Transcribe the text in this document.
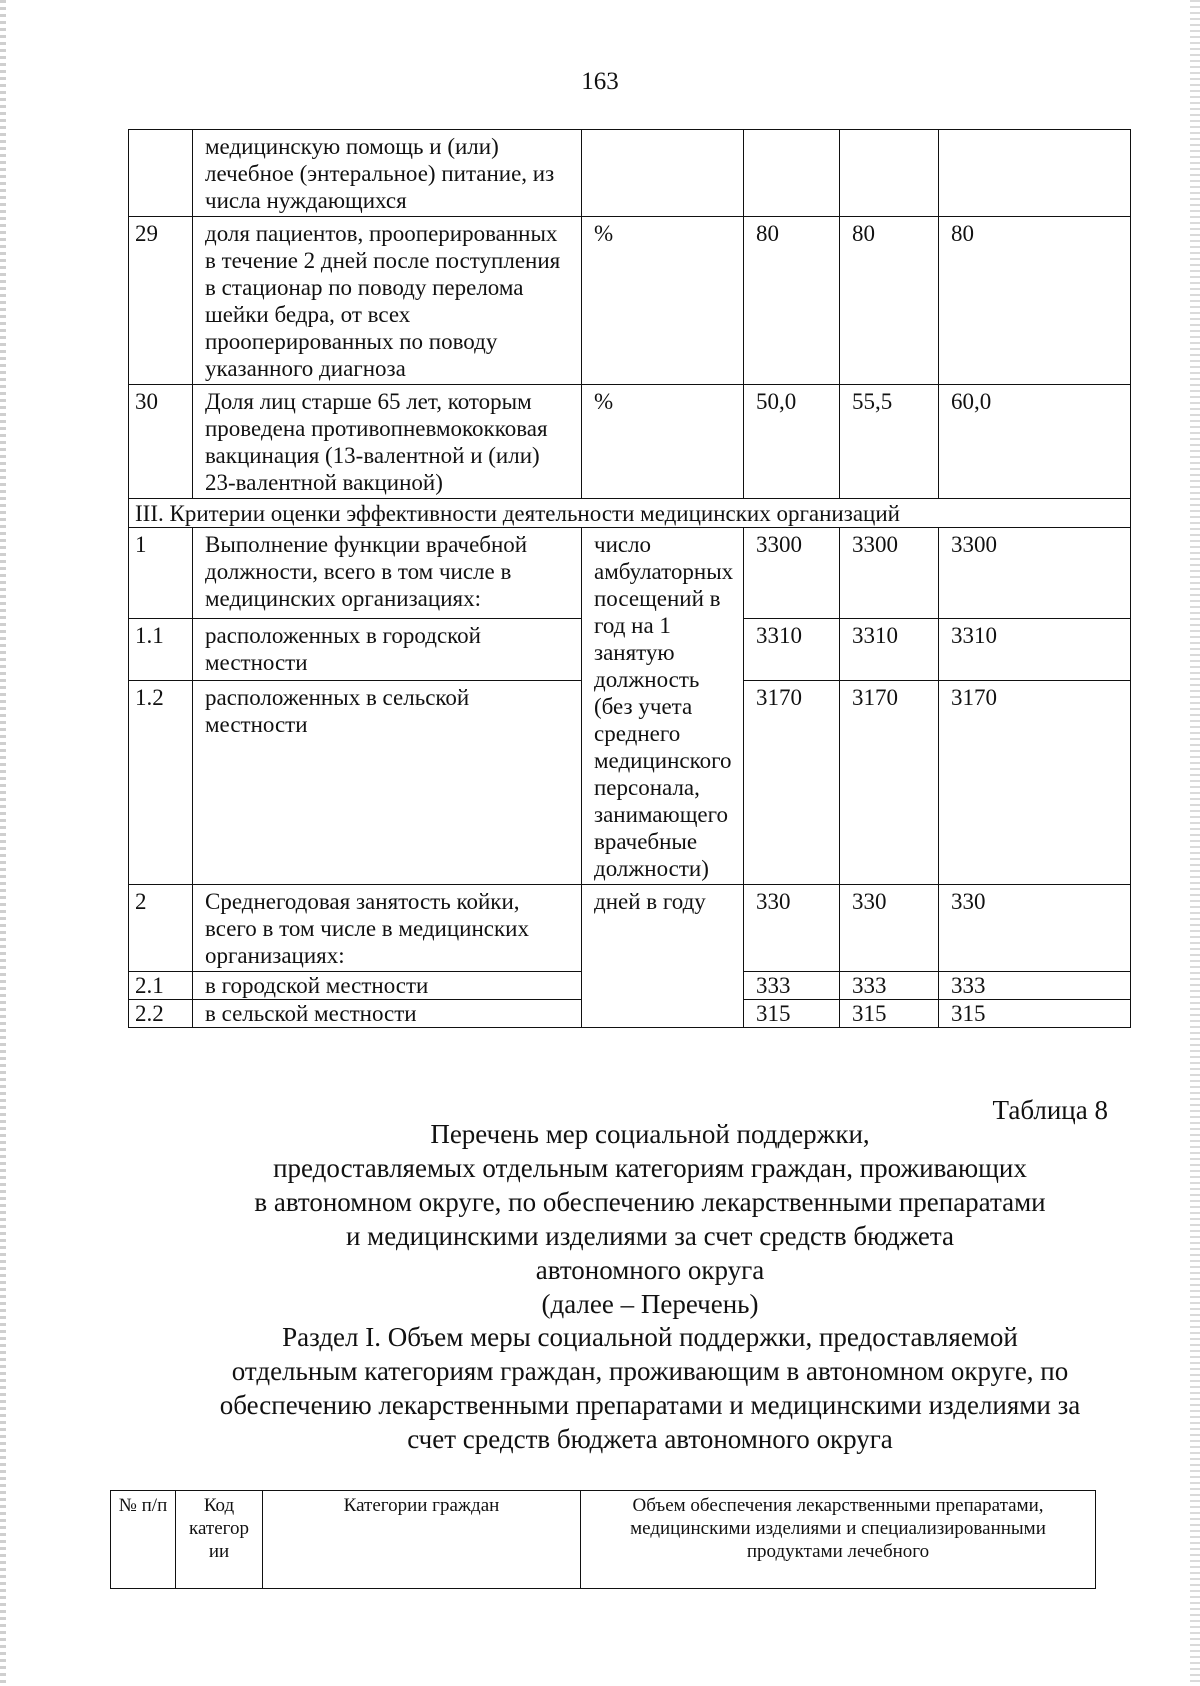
163
	медицинскую помощь и (или) лечебное (энтеральное) питание, из числа нуждающихся				
29	доля пациентов, прооперированных в течение 2 дней после поступления в стационар по поводу перелома шейки бедра, от всех прооперированных по поводу указанного диагноза	%	80	80	80
30	Доля лиц старше 65 лет, которым проведена противопневмококковая вакцинация (13-валентной и (или) 23-валентной вакциной)	%	50,0	55,5	60,0
III. Критерии оценки эффективности деятельности медицинских организаций					
1	Выполнение функции врачебной должности, всего в том числе в медицинских организациях:	число амбулаторных посещений в год на 1 занятую должность (без учета среднего медицинского персонала, занимающего врачебные должности)	3300	3300	3300
1.1	расположенных в городской местности		3310	3310	3310
1.2	расположенных в сельской местности		3170	3170	3170
2	Среднегодовая занятость койки, всего в том числе в медицинских организациях:	дней в году	330	330	330
2.1	в городской местности		333	333	333
2.2	в сельской местности		315	315	315
Таблица 8
Перечень мер социальной поддержки,
предоставляемых отдельным категориям граждан, проживающих
в автономном округе, по обеспечению лекарственными препаратами
и медицинскими изделиями за счет средств бюджета
автономного округа
(далее – Перечень)
Раздел I. Объем меры социальной поддержки, предоставляемой
отдельным категориям граждан, проживающим в автономном округе, по
обеспечению лекарственными препаратами и медицинскими изделиями за
счет средств бюджета автономного округа
№ п/п	Код категор ии	Категории граждан	Объем обеспечения лекарственными препаратами, медицинскими изделиями и специализированными продуктами лечебного
